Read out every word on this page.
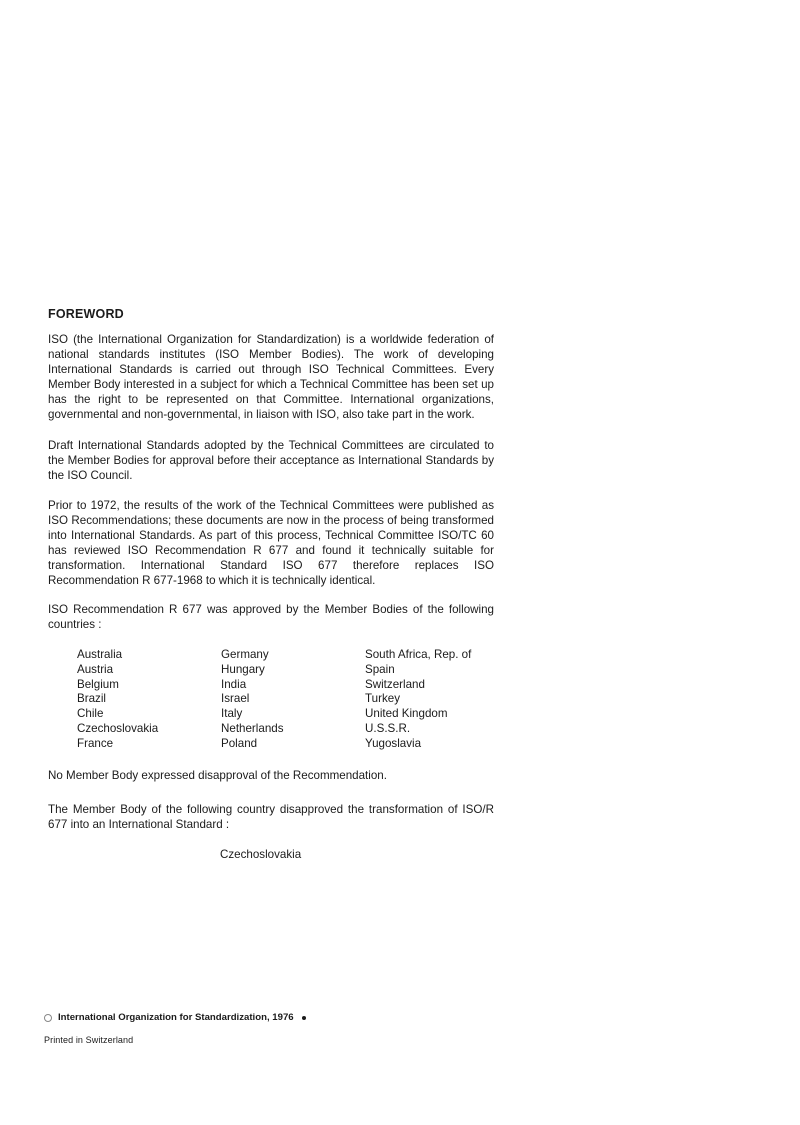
FOREWORD
ISO (the International Organization for Standardization) is a worldwide federation of national standards institutes (ISO Member Bodies). The work of developing International Standards is carried out through ISO Technical Committees. Every Member Body interested in a subject for which a Technical Committee has been set up has the right to be represented on that Committee. International organizations, governmental and non-governmental, in liaison with ISO, also take part in the work.
Draft International Standards adopted by the Technical Committees are circulated to the Member Bodies for approval before their acceptance as International Standards by the ISO Council.
Prior to 1972, the results of the work of the Technical Committees were published as ISO Recommendations; these documents are now in the process of being transformed into International Standards. As part of this process, Technical Committee ISO/TC 60 has reviewed ISO Recommendation R 677 and found it technically suitable for transformation. International Standard ISO 677 therefore replaces ISO Recommendation R 677-1968 to which it is technically identical.
ISO Recommendation R 677 was approved by the Member Bodies of the following countries :
Australia
Austria
Belgium
Brazil
Chile
Czechoslovakia
France
Germany
Hungary
India
Israel
Italy
Netherlands
Poland
South Africa, Rep. of
Spain
Switzerland
Turkey
United Kingdom
U.S.S.R.
Yugoslavia
No Member Body expressed disapproval of the Recommendation.
The Member Body of the following country disapproved the transformation of ISO/R 677 into an International Standard :
Czechoslovakia
International Organization for Standardization, 1976
Printed in Switzerland
